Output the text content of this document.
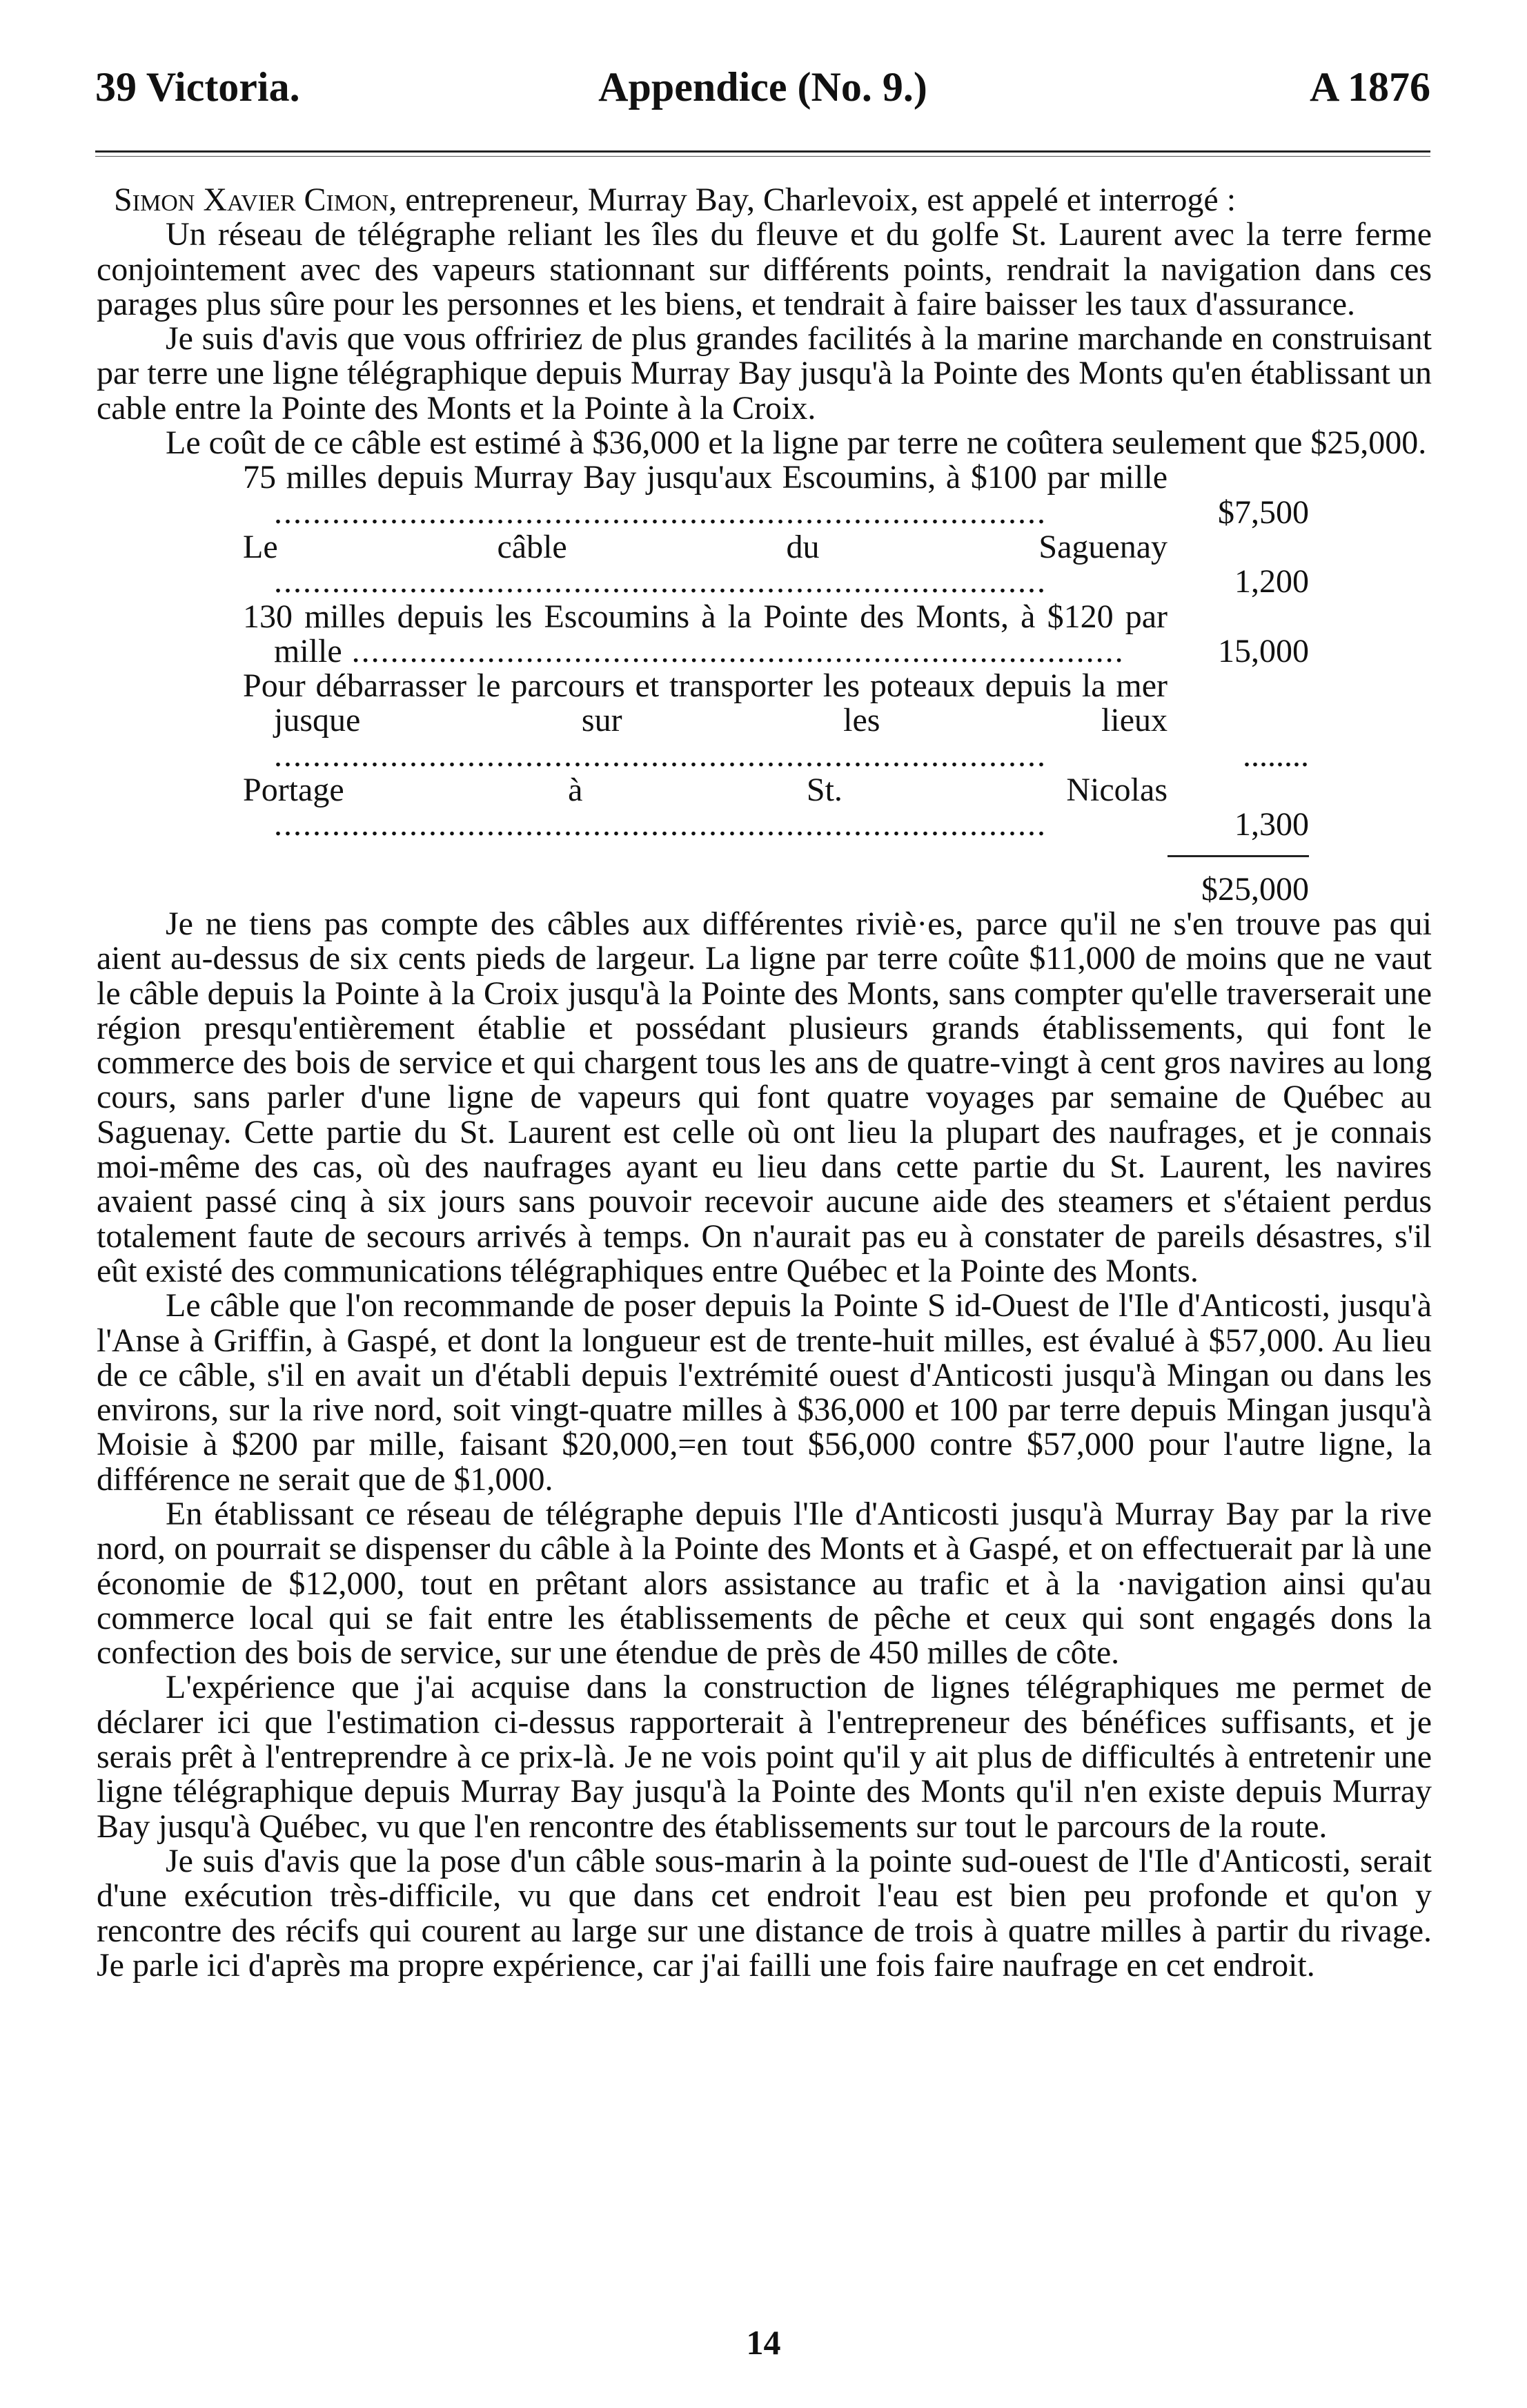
39 Victoria.	Appendice (No. 9.)	A 1876

Simon Xavier Cimon, entrepreneur, Murray Bay, Charlevoix, est appelé et interrogé :

Un réseau de télégraphe reliant les îles du fleuve et du golfe St. Laurent avec la terre ferme conjointement avec des vapeurs stationnant sur différents points, rendrait la navigation dans ces parages plus sûre pour les personnes et les biens, et tendrait à faire baisser les taux d'assurance.

Je suis d'avis que vous offririez de plus grandes facilités à la marine marchande en construisant par terre une ligne télégraphique depuis Murray Bay jusqu'à la Pointe des Monts qu'en établissant un cable entre la Pointe des Monts et la Pointe à la Croix.

Le coût de ce câble est estimé à $36,000 et la ligne par terre ne coûtera seulement que $25,000.

75 milles depuis Murray Bay jusqu'aux Escoumins, à $100 par mille .....	$7,500
Le câble du Saguenay .....	1,200
130 milles depuis les Escoumins à la Pointe des Monts, à $120 par mille .....	15,000
Pour débarrasser le parcours et transporter les poteaux depuis la mer jusque sur les lieux .....	........
Portage à St. Nicolas .....	1,300

	$25,000

Je ne tiens pas compte des câbles aux différentes riviè·es, parce qu'il ne s'en trouve pas qui aient au-dessus de six cents pieds de largeur. La ligne par terre coûte $11,000 de moins que ne vaut le câble depuis la Pointe à la Croix jusqu'à la Pointe des Monts, sans compter qu'elle traverserait une région presqu'entièrement établie et possédant plusieurs grands établissements, qui font le commerce des bois de service et qui chargent tous les ans de quatre-vingt à cent gros navires au long cours, sans parler d'une ligne de vapeurs qui font quatre voyages par semaine de Québec au Saguenay. Cette partie du St. Laurent est celle où ont lieu la plupart des naufrages, et je connais moi-même des cas, où des naufrages ayant eu lieu dans cette partie du St. Laurent, les navires avaient passé cinq à six jours sans pouvoir recevoir aucune aide des steamers et s'étaient perdus totalement faute de secours arrivés à temps. On n'aurait pas eu à constater de pareils désastres, s'il eût existé des communications télégraphiques entre Québec et la Pointe des Monts.

Le câble que l'on recommande de poser depuis la Pointe S id-Ouest de l'Ile d'Anticosti, jusqu'à l'Anse à Griffin, à Gaspé, et dont la longueur est de trente-huit milles, est évalué à $57,000. Au lieu de ce câble, s'il en avait un d'établi depuis l'extrémité ouest d'Anticosti jusqu'à Mingan ou dans les environs, sur la rive nord, soit vingt-quatre milles à $36,000 et 100 par terre depuis Mingan jusqu'à Moisie à $200 par mille, faisant $20,000,=en tout $56,000 contre $57,000 pour l'autre ligne, la différence ne serait que de $1,000.

En établissant ce réseau de télégraphe depuis l'Ile d'Anticosti jusqu'à Murray Bay par la rive nord, on pourrait se dispenser du câble à la Pointe des Monts et à Gaspé, et on effectuerait par là une économie de $12,000, tout en prêtant alors assistance au trafic et à la ·navigation ainsi qu'au commerce local qui se fait entre les établissements de pêche et ceux qui sont engagés dons la confection des bois de service, sur une étendue de près de 450 milles de côte.

L'expérience que j'ai acquise dans la construction de lignes télégraphiques me permet de déclarer ici que l'estimation ci-dessus rapporterait à l'entrepreneur des bénéfices suffisants, et je serais prêt à l'entreprendre à ce prix-là. Je ne vois point qu'il y ait plus de difficultés à entretenir une ligne télégraphique depuis Murray Bay jusqu'à la Pointe des Monts qu'il n'en existe depuis Murray Bay jusqu'à Québec, vu que l'en rencontre des établissements sur tout le parcours de la route.

Je suis d'avis que la pose d'un câble sous-marin à la pointe sud-ouest de l'Ile d'Anticosti, serait d'une exécution très-difficile, vu que dans cet endroit l'eau est bien peu profonde et qu'on y rencontre des récifs qui courent au large sur une distance de trois à quatre milles à partir du rivage. Je parle ici d'après ma propre expérience, car j'ai failli une fois faire naufrage en cet endroit.

14
